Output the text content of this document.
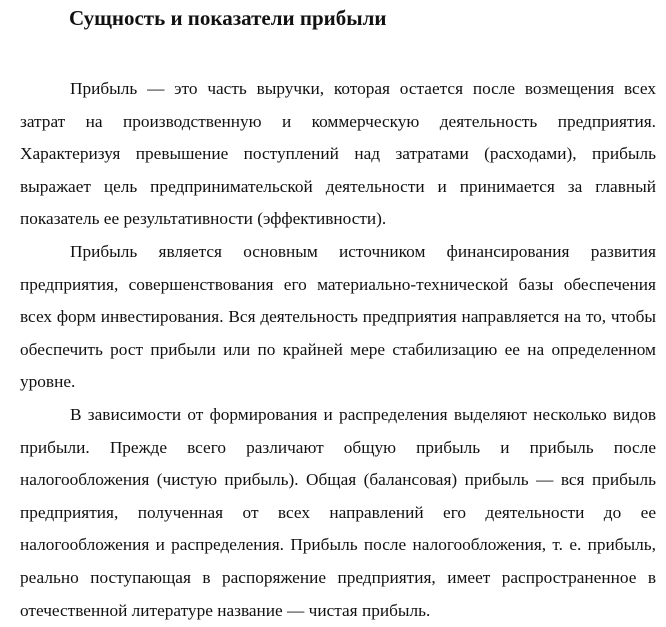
Сущность и показатели прибыли

Прибыль — это часть выручки, которая остается после возмещения всех затрат на производственную и коммерческую деятельность предприятия. Характеризуя превышение поступлений над затратами (расходами), прибыль выражает цель предпринимательской деятельности и принимается за главный показатель ее результативности (эффективности).

Прибыль является основным источником финансирования развития предприятия, совершенствования его материально-технической базы обеспечения всех форм инвестирования. Вся деятельность предприятия направляется на то, чтобы обеспечить рост прибыли или по крайней мере стабилизацию ее на определенном уровне.

В зависимости от формирования и распределения выделяют несколько видов прибыли. Прежде всего различают общую прибыль и прибыль после налогообложения (чистую прибыль). Общая (балансовая) прибыль — вся прибыль предприятия, полученная от всех направлений его деятельности до ее налогообложения и распределения. Прибыль после налогообложения, т. е. прибыль, реально поступающая в распоряжение предприятия, имеет распространенное в отечественной литературе название — чистая прибыль.
